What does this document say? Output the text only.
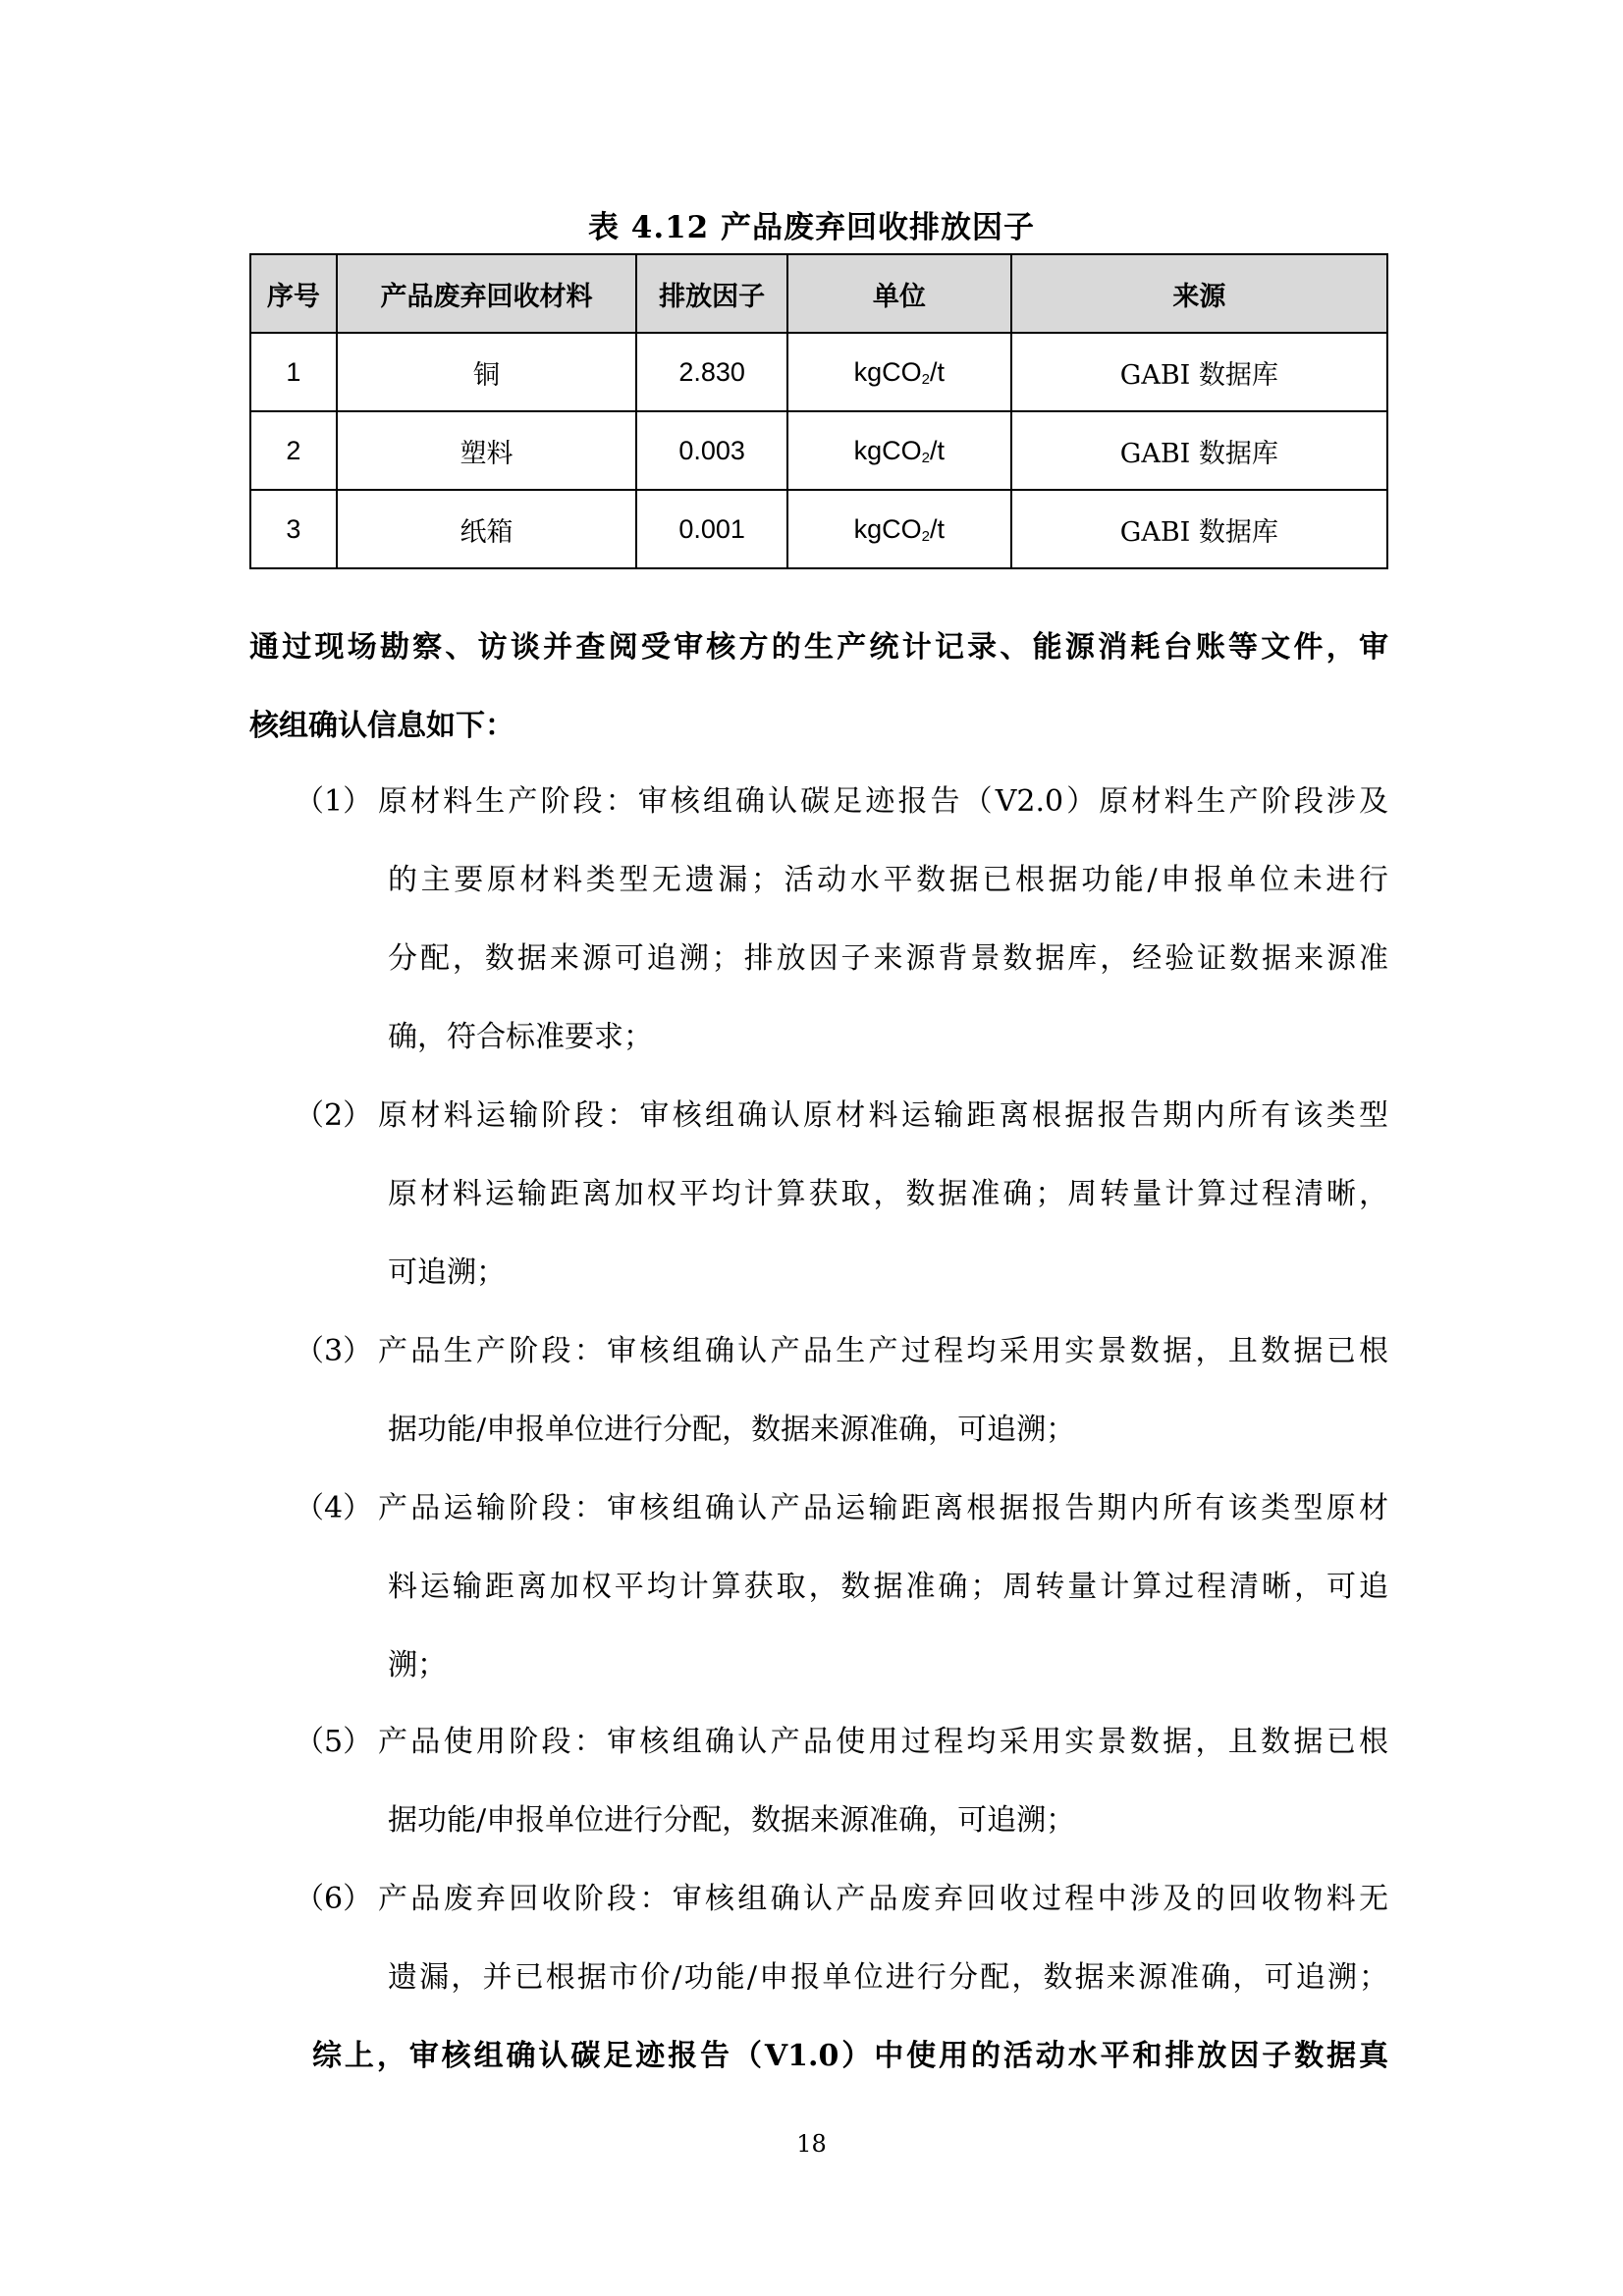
表 4.12 产品废弃回收排放因子
序号	产品废弃回收材料	排放因子	单位	来源
1	铜	2.830	kgCO$_2$/t	GABI 数据库
2	塑料	0.003	kgCO$_2$/t	GABI 数据库
3	纸箱	0.001	kgCO$_2$/t	GABI 数据库
通过现场勘察、访谈并查阅受审核方的生产统计记录、能源消耗台账等文件，审
核组确认信息如下：
（1） 原材料生产阶段：审核组确认碳足迹报告（V2.0）原材料生产阶段涉及
的主要原材料类型无遗漏；活动水平数据已根据功能/申报单位未进行
分配，数据来源可追溯；排放因子来源背景数据库，经验证数据来源准
确，符合标准要求；
（2） 原材料运输阶段：审核组确认原材料运输距离根据报告期内所有该类型
原材料运输距离加权平均计算获取，数据准确；周转量计算过程清晰，
可追溯；
（3） 产品生产阶段：审核组确认产品生产过程均采用实景数据，且数据已根
据功能/申报单位进行分配，数据来源准确，可追溯；
（4） 产品运输阶段：审核组确认产品运输距离根据报告期内所有该类型原材
料运输距离加权平均计算获取，数据准确；周转量计算过程清晰，可追
溯；
（5） 产品使用阶段：审核组确认产品使用过程均采用实景数据，且数据已根
据功能/申报单位进行分配，数据来源准确，可追溯；
（6） 产品废弃回收阶段：审核组确认产品废弃回收过程中涉及的回收物料无
遗漏，并已根据市价/功能/申报单位进行分配，数据来源准确，可追溯；
综上，审核组确认碳足迹报告（V1.0）中使用的活动水平和排放因子数据真
18
